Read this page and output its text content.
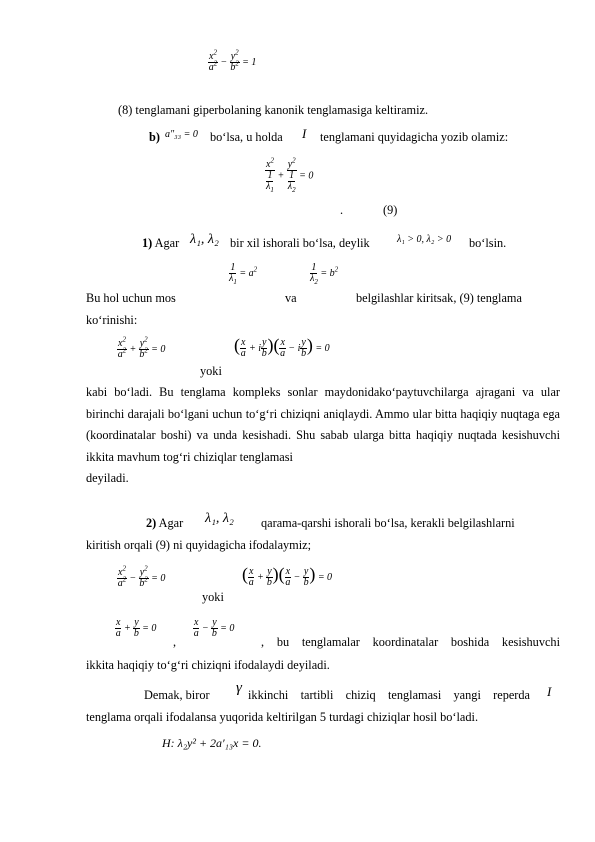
$\frac{x^2}{a^2} - \frac{y^2}{b^2} = 1$
(8) tenglamani giperbolaning kanonik tenglamasiga keltiramiz.
b) a″₃₃ = 0 bo‘lsa, u holda I tenglamani quyidagicha yozib olamiz:
$\frac{x^2}{\frac{1}{\lambda_1}} + \frac{y^2}{\frac{1}{\lambda_2}} = 0$
.	(9)
1) Agar λ₁, λ₂ bir xil ishorali bo‘lsa, deylik	λ₁ > 0, λ₂ > 0 bo‘lsin.
$\frac{1}{\lambda_1} = a^2$	$\frac{1}{\lambda_2} = b^2$
Bu hol uchun mos	va	belgilashlar kiritsak, (9) tenglama
ko‘rinishi:
$\frac{x^2}{a^2} + \frac{y^2}{b^2} = 0$
yoki
( $\frac{x}{a} + i \frac{y}{b}$ )( $\frac{x}{a} - i \frac{y}{b}$ ) = 0
kabi bo‘ladi. Bu tenglama kompleks sonlar maydonidako‘paytuvchilarga ajragani va ular birinchi darajali bo‘lgani uchun to‘g‘ri chiziqni aniqlaydi. Ammo ular bitta haqiqiy nuqtaga ega (koordinatalar boshi) va unda kesishadi. Shu sabab ularga bitta haqiqiy nuqtada kesishuvchi ikkita mavhum tog‘ri chiziqlar tenglamasi
deyiladi.
2) Agar λ₁, λ₂ qarama-qarshi ishorali bo‘lsa, kerakli belgilashlarni
kiritish orqali (9) ni quyidagicha ifodalaymiz;
$\frac{x^2}{a^2} - \frac{y^2}{b^2} = 0$
yoki
( $\frac{x}{a} + \frac{y}{b}$ )( $\frac{x}{a} - \frac{y}{b}$ ) = 0
$\frac{x}{a} + \frac{y}{b} = 0$
,
$\frac{x}{a} - \frac{y}{b} = 0$
, bu tenglamalar koordinatalar boshida kesishuvchi
ikkita haqiqiy to‘g‘ri chiziqni ifodalaydi deyiladi.
Demak, biror γ ikkinchi tartibli chiziq tenglamasi yangi reperda I
tenglama orqali ifodalansa yuqorida keltirilgan 5 turdagi chiziqlar hosil bo‘ladi.
H: λ₂y² + 2a′₁₃x = 0.
